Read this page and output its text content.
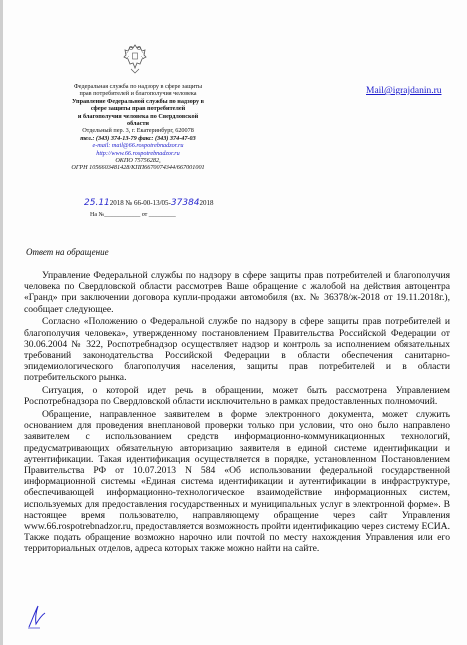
Федеральная служба по надзору в сфере защиты
прав потребителей и благополучия человека
Управление Федеральной службы по надзору в
сфере защиты прав потребителей
и благополучия человека по Свердловской
области
Отдельный пер. 3, г. Екатеринбург, 620078
тел.: (343) 374-13-79 факс: (343) 374-47-03
e-mail: mail@66.rospotrebnadzor.ru
http://www.66.rospotrebnadzor.ru
ОКПО 75756282,
ОГРН 1056603481428/КПП6670074344/667001001
25.112018 № 66-00-13/05-373842018
На №____________ от _________
Mail@igrajdanin.ru
Ответ на обращение

Управление Федеральной службы по надзору в сфере защиты прав потребителей и благополучия человека по Свердловской области рассмотрев Ваше обращение с жалобой на действия автоцентра «Гранд» при заключении договора купли-продажи автомобиля (вх. № 36378/ж-2018 от 19.11.2018г.), сообщает следующее.

Согласно «Положению о Федеральной службе по надзору в сфере защиты прав потребителей и благополучия человека», утвержденному постановлением Правительства Российской Федерации от 30.06.2004 № 322, Роспотребнадзор осуществляет надзор и контроль за исполнением обязательных требований законодательства Российской Федерации в области обеспечения санитарно-эпидемиологического благополучия населения, защиты прав потребителей и в области потребительского рынка.

Ситуация, о которой идет речь в обращении, может быть рассмотрена Управлением Роспотребнадзора по Свердловской области исключительно в рамках предоставленных полномочий.

Обращение, направленное заявителем в форме электронного документа, может служить основанием для проведения внеплановой проверки только при условии, что оно было направлено заявителем с использованием средств информационно-коммуникационных технологий, предусматривающих обязательную авторизацию заявителя в единой системе идентификации и аутентификации. Такая идентификация осуществляется в порядке, установленном Постановлением Правительства РФ от 10.07.2013 N 584 «Об использовании федеральной государственной информационной системы «Единая система идентификации и аутентификации в инфраструктуре, обеспечивающей информационно-технологическое взаимодействие информационных систем, используемых для предоставления государственных и муниципальных услуг в электронной форме». В настоящее время пользователю, направляющему обращение через сайт Управления www.66.rospotrebnadzor.ru, предоставляется возможность пройти идентификацию через систему ЕСИА. Также подать обращение возможно нарочно или почтой по месту нахождения Управления или его территориальных отделов, адреса которых также можно найти на сайте.
